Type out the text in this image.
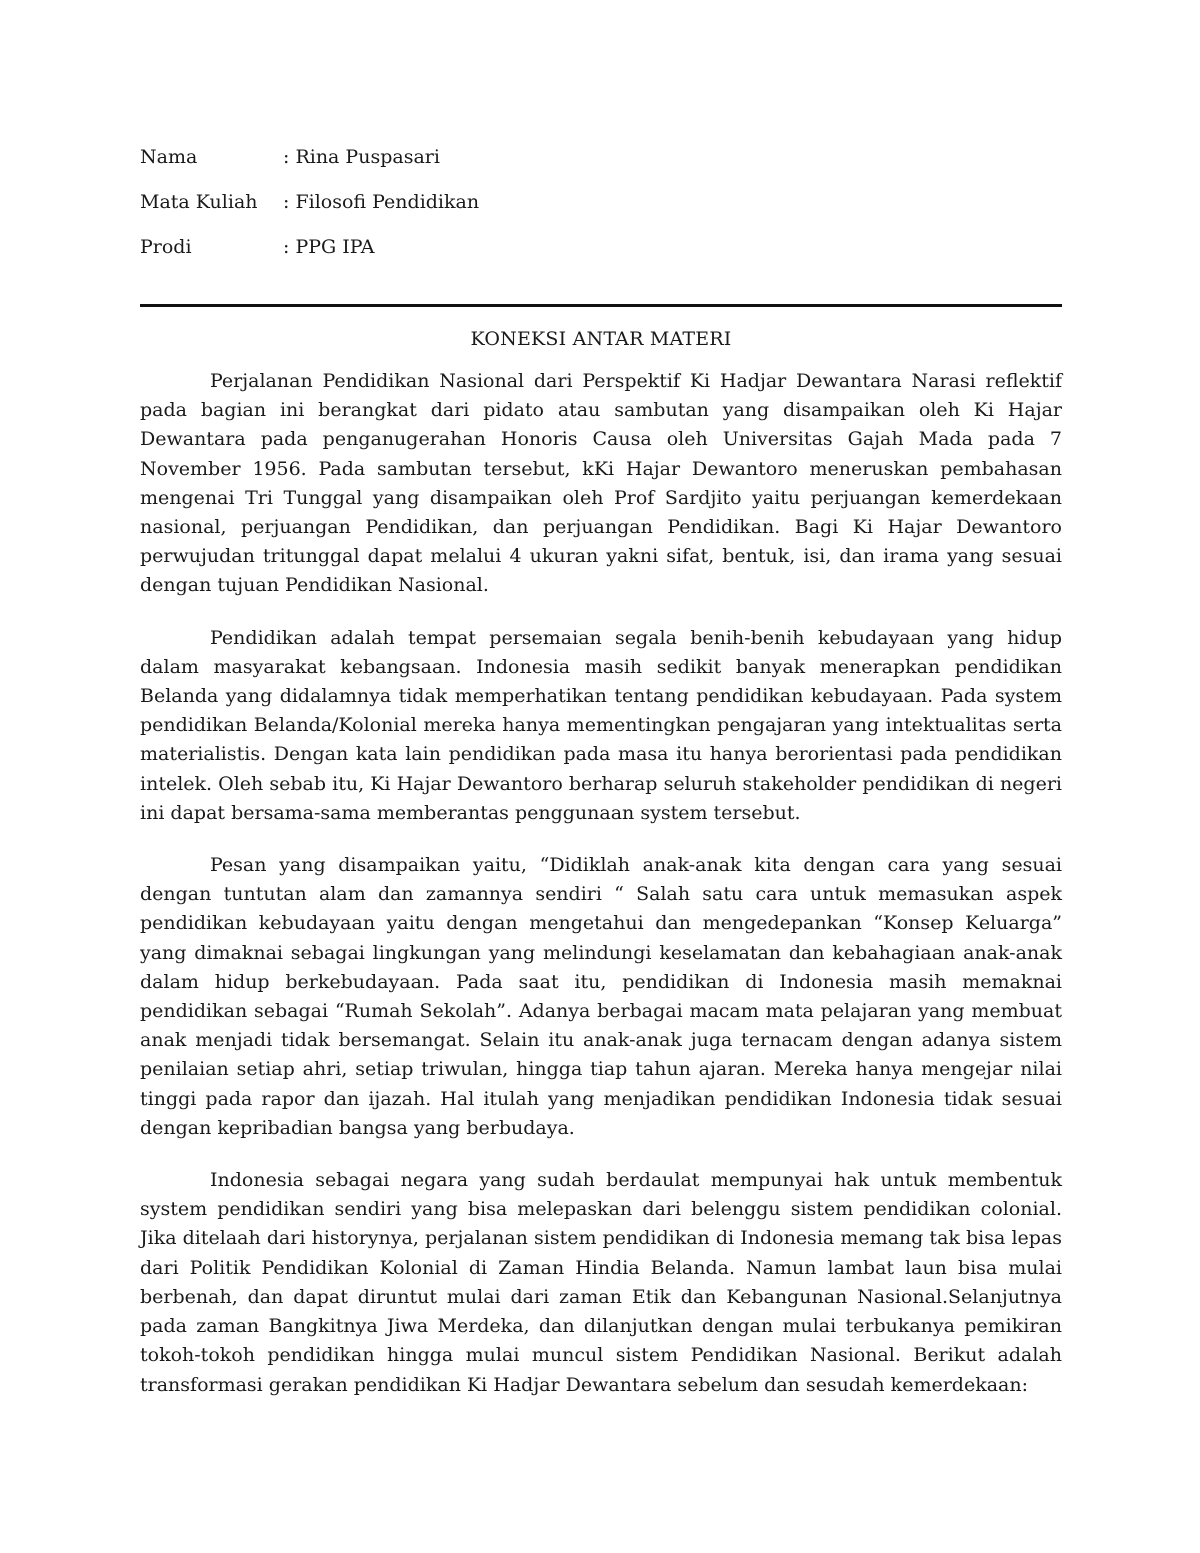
Nama	: Rina Puspasari
Mata Kuliah : Filosofi Pendidikan
Prodi	: PPG IPA
KONEKSI ANTAR MATERI

Perjalanan Pendidikan Nasional dari Perspektif Ki Hadjar Dewantara Narasi reflektif pada bagian ini berangkat dari pidato atau sambutan yang disampaikan oleh Ki Hajar Dewantara pada penganugerahan Honoris Causa oleh Universitas Gajah Mada pada 7 November 1956. Pada sambutan tersebut, kKi Hajar Dewantoro meneruskan pembahasan mengenai Tri Tunggal yang disampaikan oleh Prof Sardjito yaitu perjuangan kemerdekaan nasional, perjuangan Pendidikan, dan perjuangan Pendidikan. Bagi Ki Hajar Dewantoro perwujudan tritunggal dapat melalui 4 ukuran yakni sifat, bentuk, isi, dan irama yang sesuai dengan tujuan Pendidikan Nasional.

Pendidikan adalah tempat persemaian segala benih-benih kebudayaan yang hidup dalam masyarakat kebangsaan. Indonesia masih sedikit banyak menerapkan pendidikan Belanda yang didalamnya tidak memperhatikan tentang pendidikan kebudayaan. Pada system pendidikan Belanda/Kolonial mereka hanya mementingkan pengajaran yang intektualitas serta materialistis. Dengan kata lain pendidikan pada masa itu hanya berorientasi pada pendidikan intelek. Oleh sebab itu, Ki Hajar Dewantoro berharap seluruh stakeholder pendidikan di negeri ini dapat bersama-sama memberantas penggunaan system tersebut.

Pesan yang disampaikan yaitu, “Didiklah anak-anak kita dengan cara yang sesuai dengan tuntutan alam dan zamannya sendiri “ Salah satu cara untuk memasukan aspek pendidikan kebudayaan yaitu dengan mengetahui dan mengedepankan “Konsep Keluarga” yang dimaknai sebagai lingkungan yang melindungi keselamatan dan kebahagiaan anak-anak dalam hidup berkebudayaan. Pada saat itu, pendidikan di Indonesia masih memaknai pendidikan sebagai “Rumah Sekolah”. Adanya berbagai macam mata pelajaran yang membuat anak menjadi tidak bersemangat. Selain itu anak-anak juga ternacam dengan adanya sistem penilaian setiap ahri, setiap triwulan, hingga tiap tahun ajaran. Mereka hanya mengejar nilai tinggi pada rapor dan ijazah. Hal itulah yang menjadikan pendidikan Indonesia tidak sesuai dengan kepribadian bangsa yang berbudaya.

Indonesia sebagai negara yang sudah berdaulat mempunyai hak untuk membentuk system pendidikan sendiri yang bisa melepaskan dari belenggu sistem pendidikan colonial. Jika ditelaah dari historynya, perjalanan sistem pendidikan di Indonesia memang tak bisa lepas dari Politik Pendidikan Kolonial di Zaman Hindia Belanda. Namun lambat laun bisa mulai berbenah, dan dapat diruntut mulai dari zaman Etik dan Kebangunan Nasional.Selanjutnya pada zaman Bangkitnya Jiwa Merdeka, dan dilanjutkan dengan mulai terbukanya pemikiran tokoh-tokoh pendidikan hingga mulai muncul sistem Pendidikan Nasional. Berikut adalah transformasi gerakan pendidikan Ki Hadjar Dewantara sebelum dan sesudah kemerdekaan:
